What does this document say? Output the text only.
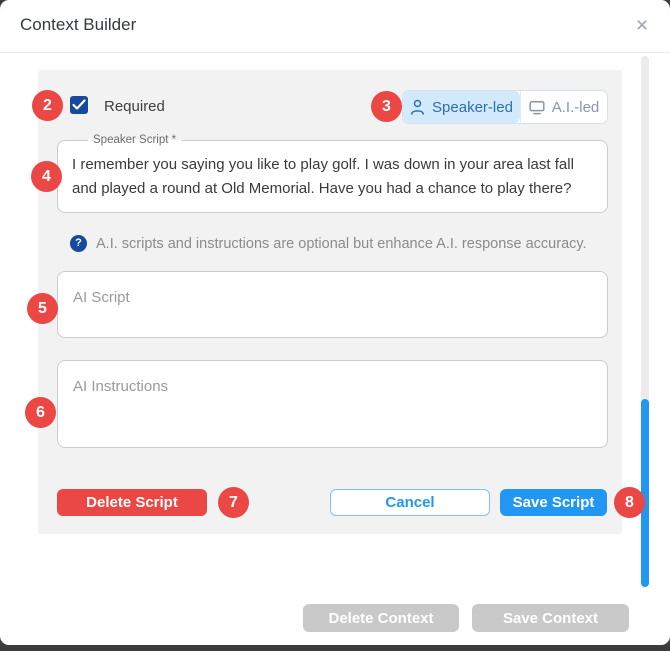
Context Builder	×
Required	Speaker-led	A.I.-led
Speaker Script *
I remember you saying you like to play golf. I was down in your area last fall and played a round at Old Memorial. Have you had a chance to play there?
? A.I. scripts and instructions are optional but enhance A.I. response accuracy.
AI Script
AI Instructions
Delete Script	Cancel	Save Script
Delete Context	Save Context
2	3
4
5
6
7	8
